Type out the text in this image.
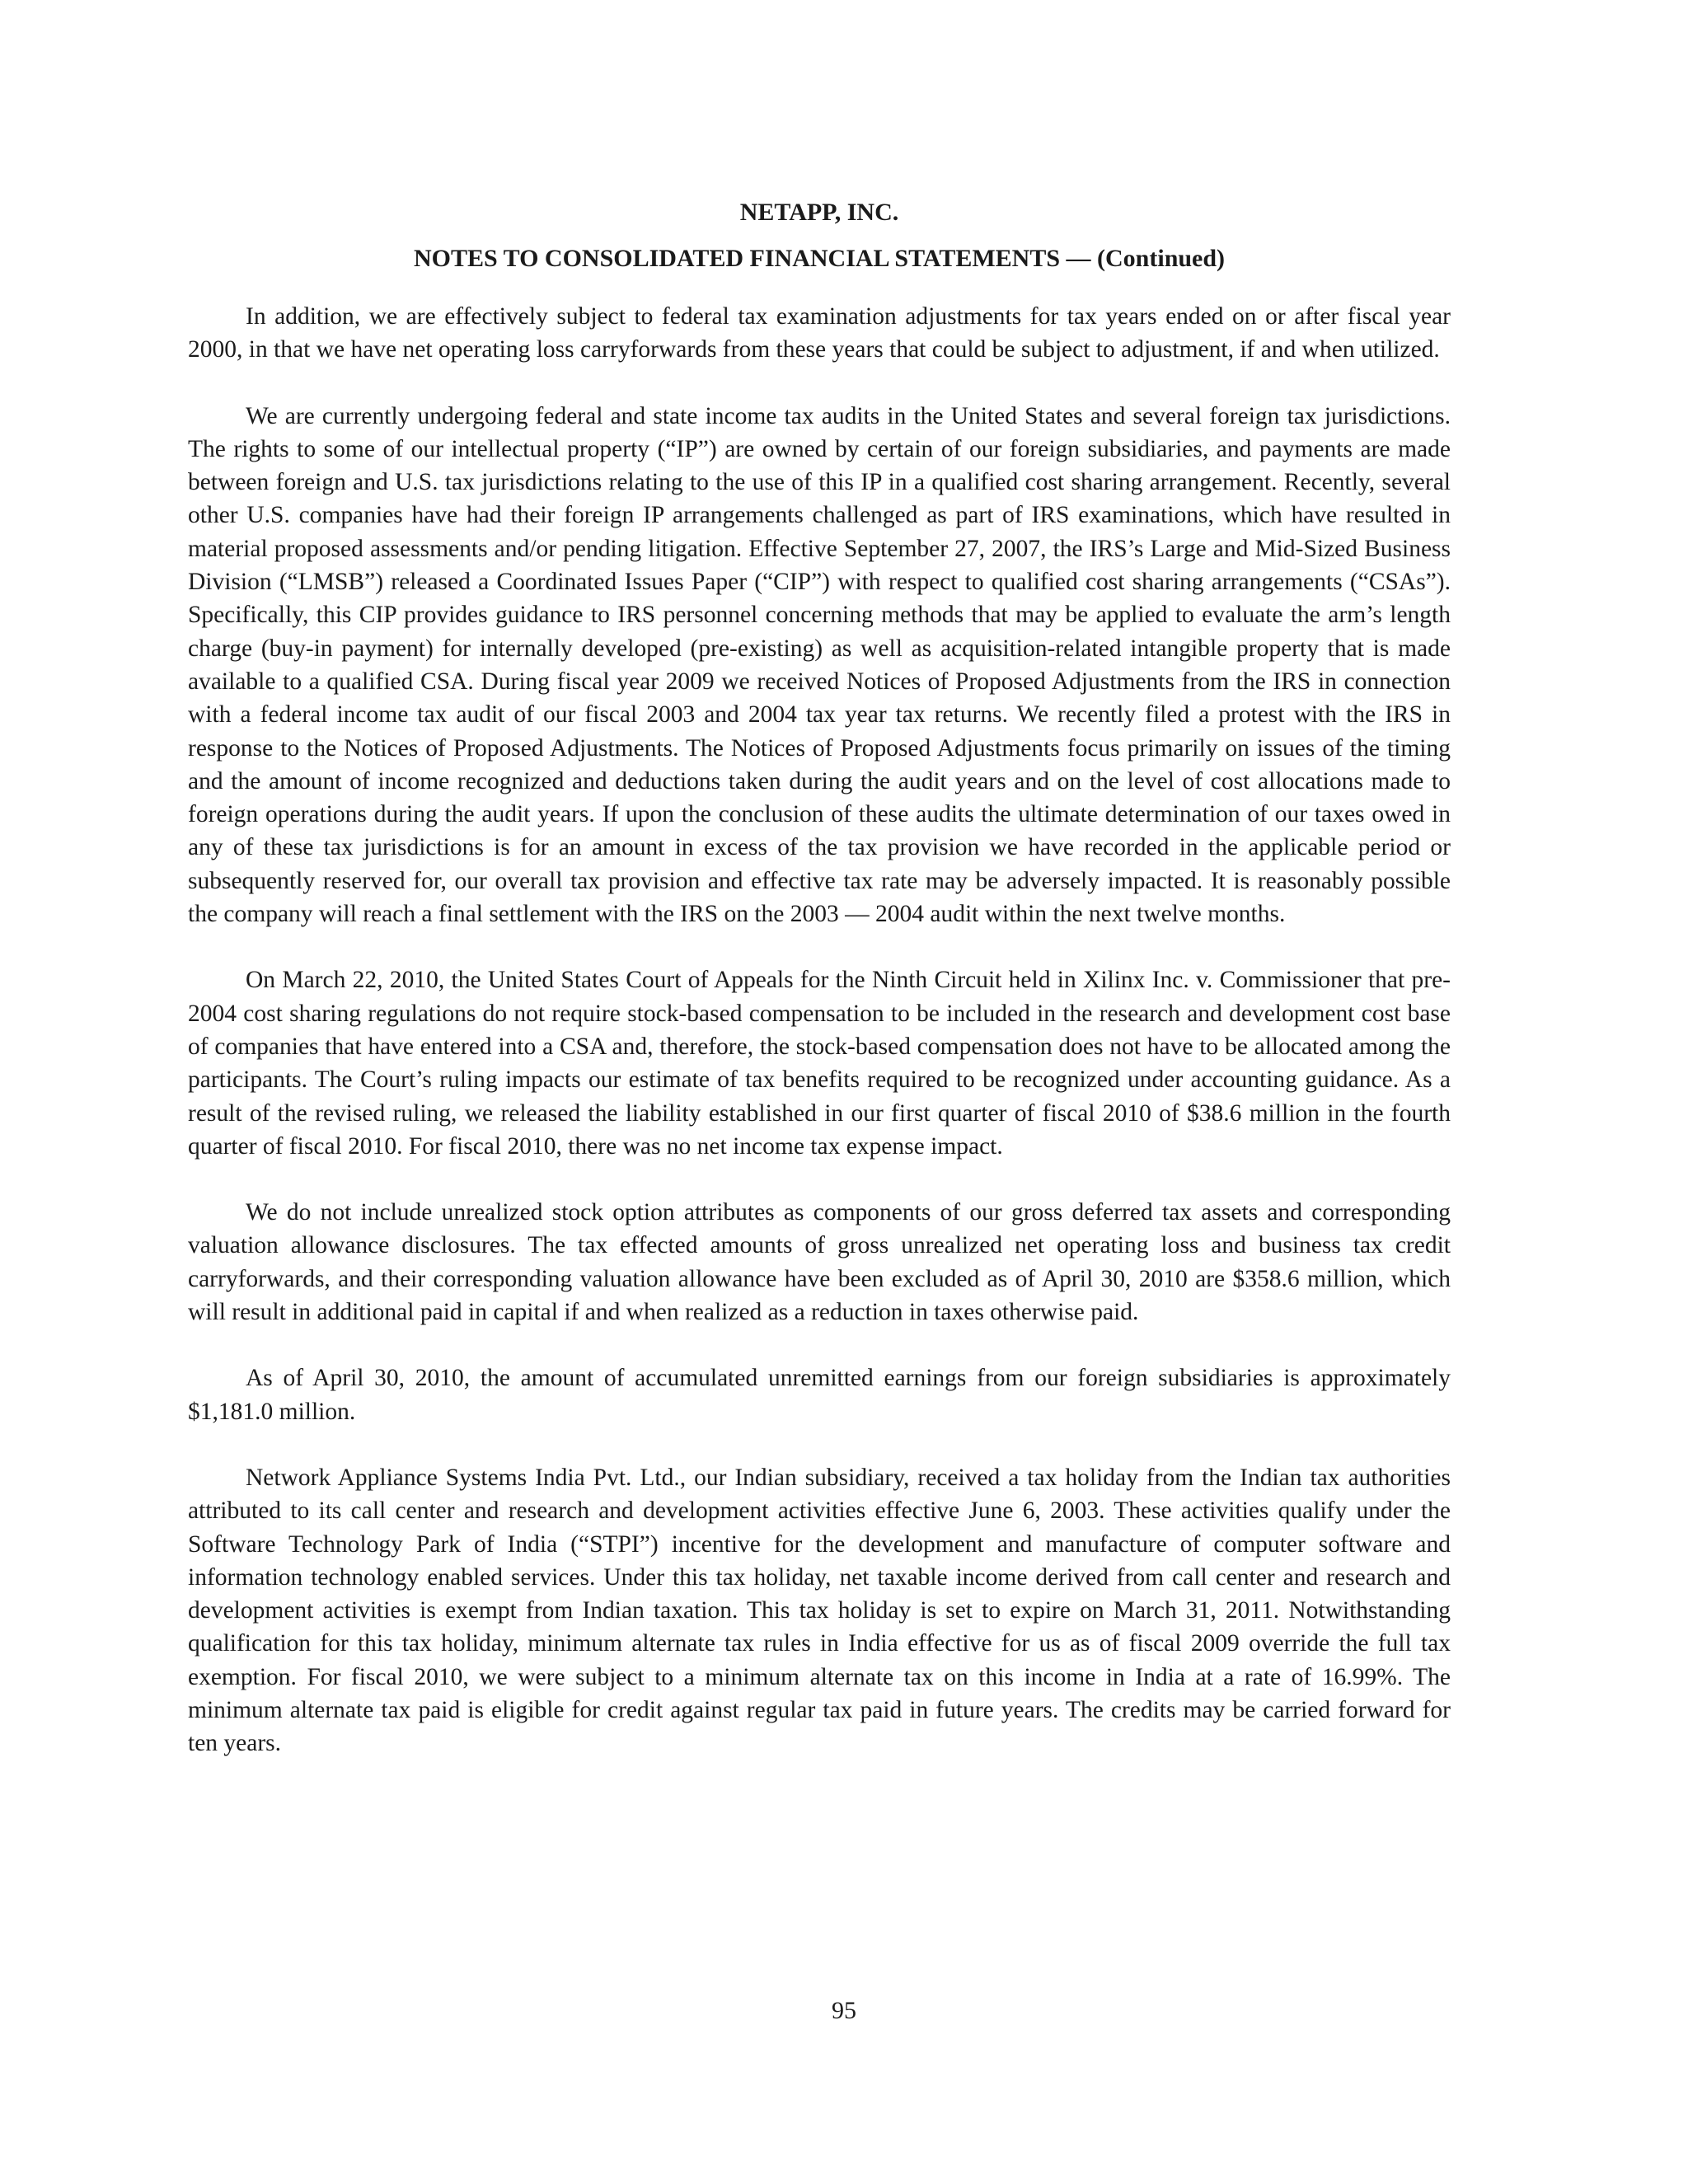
NETAPP, INC.
NOTES TO CONSOLIDATED FINANCIAL STATEMENTS — (Continued)

In addition, we are effectively subject to federal tax examination adjustments for tax years ended on or after fiscal year 2000, in that we have net operating loss carryforwards from these years that could be subject to adjustment, if and when utilized.

We are currently undergoing federal and state income tax audits in the United States and several foreign tax jurisdictions. The rights to some of our intellectual property (“IP”) are owned by certain of our foreign subsidiaries, and payments are made between foreign and U.S. tax jurisdictions relating to the use of this IP in a qualified cost sharing arrangement. Recently, several other U.S. companies have had their foreign IP arrangements challenged as part of IRS examinations, which have resulted in material proposed assessments and/or pending litigation. Effective September 27, 2007, the IRS’s Large and Mid-Sized Business Division (“LMSB”) released a Coordinated Issues Paper (“CIP”) with respect to qualified cost sharing arrangements (“CSAs”). Specifically, this CIP provides guidance to IRS personnel concerning methods that may be applied to evaluate the arm’s length charge (buy-in payment) for internally developed (pre-existing) as well as acquisition-related intangible property that is made available to a qualified CSA. During fiscal year 2009 we received Notices of Proposed Adjustments from the IRS in connection with a federal income tax audit of our fiscal 2003 and 2004 tax year tax returns. We recently filed a protest with the IRS in response to the Notices of Proposed Adjustments. The Notices of Proposed Adjustments focus primarily on issues of the timing and the amount of income recognized and deductions taken during the audit years and on the level of cost allocations made to foreign operations during the audit years. If upon the conclusion of these audits the ultimate determination of our taxes owed in any of these tax jurisdictions is for an amount in excess of the tax provision we have recorded in the applicable period or subsequently reserved for, our overall tax provision and effective tax rate may be adversely impacted. It is reasonably possible the company will reach a final settlement with the IRS on the 2003 — 2004 audit within the next twelve months.

On March 22, 2010, the United States Court of Appeals for the Ninth Circuit held in Xilinx Inc. v. Commissioner that pre-2004 cost sharing regulations do not require stock-based compensation to be included in the research and development cost base of companies that have entered into a CSA and, therefore, the stock-based compensation does not have to be allocated among the participants. The Court’s ruling impacts our estimate of tax benefits required to be recognized under accounting guidance. As a result of the revised ruling, we released the liability established in our first quarter of fiscal 2010 of $38.6 million in the fourth quarter of fiscal 2010. For fiscal 2010, there was no net income tax expense impact.

We do not include unrealized stock option attributes as components of our gross deferred tax assets and corresponding valuation allowance disclosures. The tax effected amounts of gross unrealized net operating loss and business tax credit carryforwards, and their corresponding valuation allowance have been excluded as of April 30, 2010 are $358.6 million, which will result in additional paid in capital if and when realized as a reduction in taxes otherwise paid.

As of April 30, 2010, the amount of accumulated unremitted earnings from our foreign subsidiaries is approximately $1,181.0 million.

Network Appliance Systems India Pvt. Ltd., our Indian subsidiary, received a tax holiday from the Indian tax authorities attributed to its call center and research and development activities effective June 6, 2003. These activities qualify under the Software Technology Park of India (“STPI”) incentive for the development and manufacture of computer software and information technology enabled services. Under this tax holiday, net taxable income derived from call center and research and development activities is exempt from Indian taxation. This tax holiday is set to expire on March 31, 2011. Notwithstanding qualification for this tax holiday, minimum alternate tax rules in India effective for us as of fiscal 2009 override the full tax exemption. For fiscal 2010, we were subject to a minimum alternate tax on this income in India at a rate of 16.99%. The minimum alternate tax paid is eligible for credit against regular tax paid in future years. The credits may be carried forward for ten years.

95
